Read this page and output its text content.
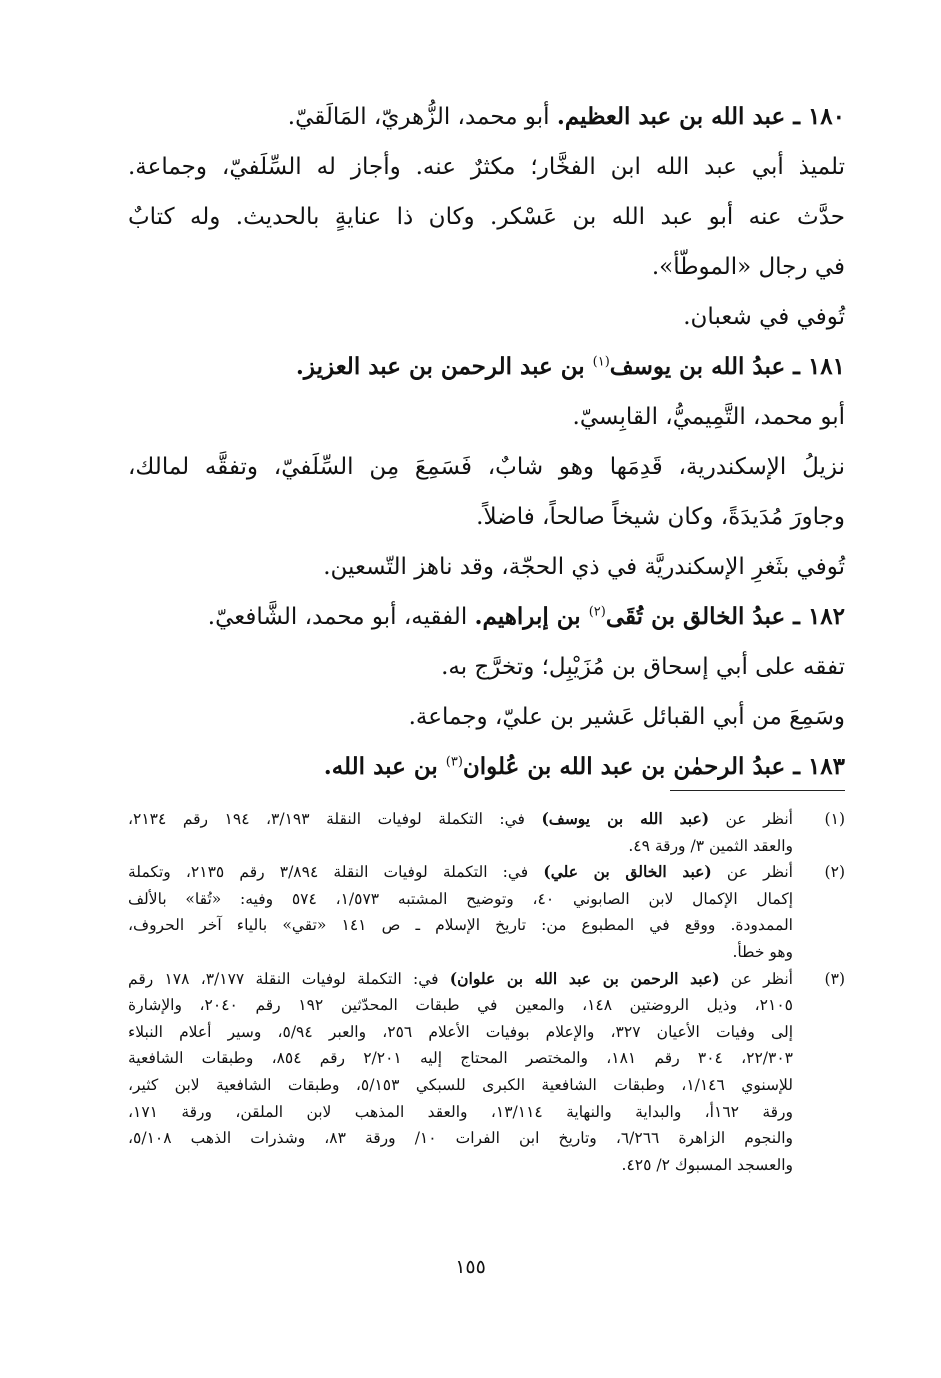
١٨٠ ـ عبد الله بن عبد العظيم. أبو محمد، الزُّهريّ، المَالَقيّ.
تلميذ أبي عبد الله ابن الفخَّار؛ مكثرٌ عنه. وأجاز له السِّلَفيّ، وجماعة.
حدَّث عنه أبو عبد الله بن عَسْكر. وكان ذا عنايةٍ بالحديث. وله كتابٌ
في رجال «الموطّأ».
تُوفي في شعبان.
١٨١ ـ عبدُ الله بن يوسف$^{(١)}$ بن عبد الرحمن بن عبد العزيز.
أبو محمد، التَّمِيميُّ، القابِسيّ.
نزيلُ الإسكندرية، قَدِمَها وهو شابٌ، فَسَمِعَ مِن السِّلَفيّ، وتفقَّه لمالك،
وجاورَ مُدَيدَةً، وكان شيخاً صالحاً، فاضلاً.
تُوفي بثَغرِ الإسكندريَّة في ذي الحجّة، وقد ناهز التّسعين.
١٨٢ ـ عبدُ الخالق بن تُقَى$^{(٢)}$ بن إبراهيم. الفقيه، أبو محمد، الشَّافعيّ.
تفقه على أبي إسحاق بن مُزَيْبِل؛ وتخرَّج به.
وسَمِعَ من أبي القبائل عَشير بن عليّ، وجماعة.
١٨٣ ـ عبدُ الرحمٰن بن عبد الله بن عُلوان$^{(٣)}$ بن عبد الله.
(١)
أنظر عن (عبد الله بن يوسف) في: التكملة لوفيات النقلة ٣/١٩٣، ١٩٤ رقم ٢١٣٤،
والعقد الثمين ٣/ ورقة ٤٩.
(٢)
أنظر عن (عبد الخالق بن علي) في: التكملة لوفيات النقلة ٣/٨٩٤ رقم ٢١٣٥، وتكملة
إكمال الإكمال لابن الصابوني ٤٠، وتوضيح المشتبه ١/٥٧٣، ٥٧٤ وفيه: «تُقا» بالألف
الممدودة. ووقع في المطبوع من: تاريخ الإسلام ـ ص ١٤١ «تقي» بالياء آخر الحروف،
وهو خطأ.
(٣)
أنظر عن (عبد الرحمن بن عبد الله بن علوان) في: التكملة لوفيات النقلة ٣/١٧٧، ١٧٨ رقم
٢١٠٥، وذيل الروضتين ١٤٨، والمعين في طبقات المحدّثين ١٩٢ رقم ٢٠٤٠، والإشارة
إلى وفيات الأعيان ٣٢٧، والإعلام بوفيات الأعلام ٢٥٦، والعبر ٥/٩٤، وسير أعلام النبلاء
٢٢/٣٠٣، ٣٠٤ رقم ١٨١، والمختصر المحتاج إليه ٢/٢٠١ رقم ٨٥٤، وطبقات الشافعية
للإسنوي ١/١٤٦، وطبقات الشافعية الكبرى للسبكي ٥/١٥٣، وطبقات الشافعية لابن كثير،
ورقة ١٦٢أ، والبداية والنهاية ١٣/١١٤، والعقد المذهب لابن الملقن، ورقة ١٧١،
والنجوم الزاهرة ٦/٢٦٦، وتاريخ ابن الفرات ١٠/ ورقة ٨٣، وشذرات الذهب ٥/١٠٨،
والعسجد المسبوك ٢/ ٤٢٥.
١٥٥
